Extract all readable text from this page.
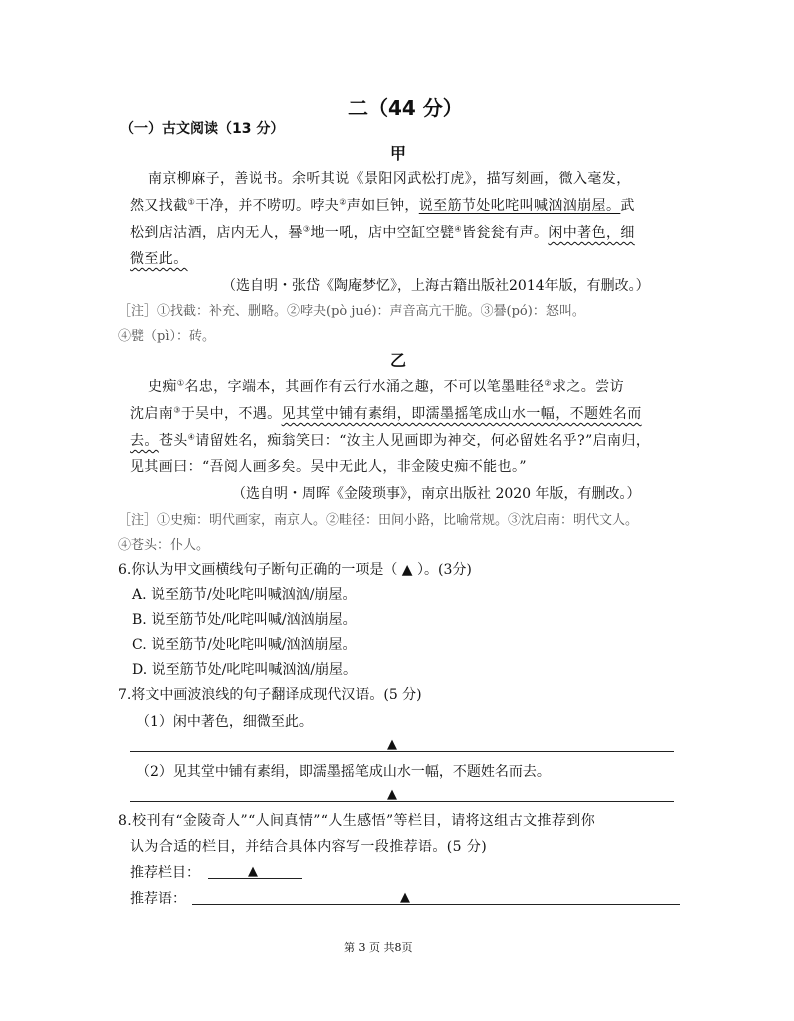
二（44 分）
（一）古文阅读（13 分）
甲
南京柳麻子，善说书。余听其说《景阳冈武松打虎》，描写刻画，微入毫发，
然又找截①干净，并不唠叨。哱夬②声如巨钟，说至筋节处叱咤叫喊汹汹崩屋。武
松到店沽酒，店内无人，謈③地一吼，店中空缸空甓④皆瓮瓮有声。闲中著色，细
微至此。
（选自明・张岱《陶庵梦忆》，上海古籍出版社2014年版，有删改。）
［注］①找截：补充、删略。②哱夬(pò jué)：声音高亢干脆。③謈(pó)：怒叫。
④甓（pì）：砖。
乙
史痴①名忠，字端本，其画作有云行水涌之趣，不可以笔墨畦径②求之。尝访
沈启南③于吴中，不遇。见其堂中铺有素绢，即濡墨摇笔成山水一幅，不题姓名而
去。苍头④请留姓名，痴翁笑曰：“汝主人见画即为神交，何必留姓名乎?”启南归，
见其画曰：“吾阅人画多矣。吴中无此人，非金陵史痴不能也。”
（选自明・周晖《金陵琐事》，南京出版社 2020 年版，有删改。）
［注］①史痴：明代画家，南京人。②畦径：田间小路，比喻常规。③沈启南：明代文人。
④苍头：仆人。
6.你认为甲文画横线句子断句正确的一项是（ ▲ ）。(3分)
A. 说至筋节/处叱咤叫喊汹汹/崩屋。
B. 说至筋节处/叱咤叫喊/汹汹崩屋。
C. 说至筋节/处叱咤叫喊/汹汹崩屋。
D. 说至筋节处/叱咤叫喊汹汹/崩屋。
7.将文中画波浪线的句子翻译成现代汉语。(5 分)
（1）闲中著色，细微至此。
▲
（2）见其堂中铺有素绢，即濡墨摇笔成山水一幅，不题姓名而去。
▲
8.校刊有“金陵奇人”“人间真情”“人生感悟”等栏目，请将这组古文推荐到你
认为合适的栏目，并结合具体内容写一段推荐语。(5 分)
推荐栏目：	▲
推荐语：	▲
第 3 页 共8页
